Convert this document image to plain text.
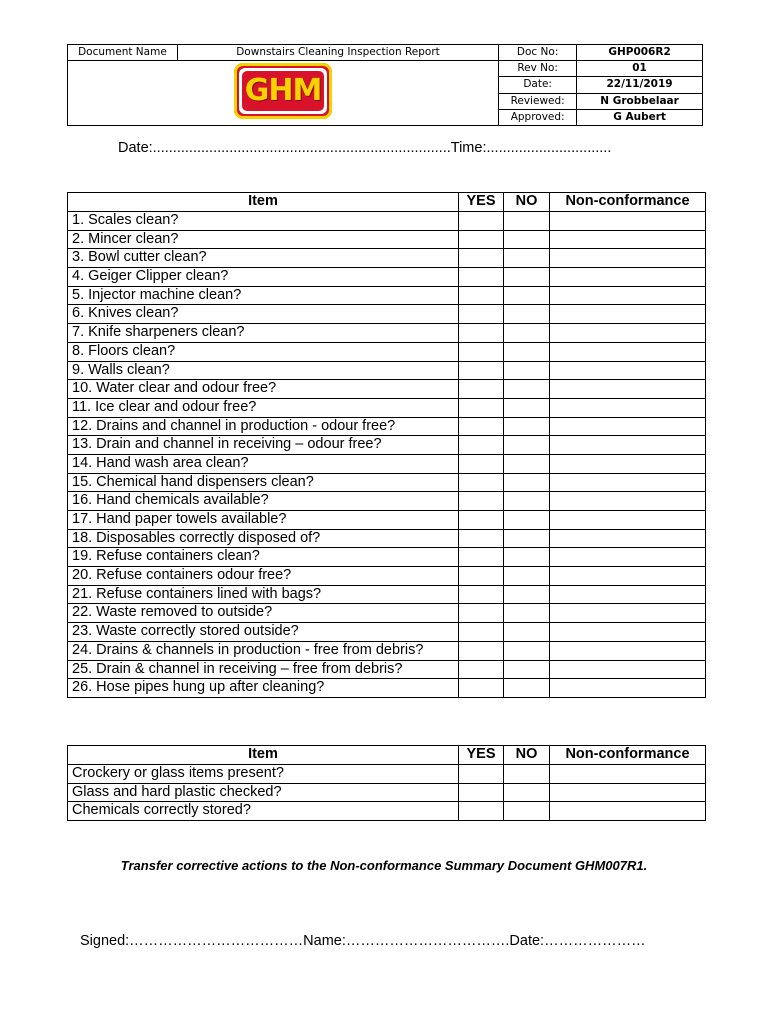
Document Name	Downstairs Cleaning Inspection Report	Doc No:	GHP006R2

GHM		Rev No:	01
		Date:	22/11/2019
		Reviewed:	N Grobbelaar
		Approved:	G Aubert
Date:..........................................................................Time:...............................
Item	YES	NO	Non-conformance
1. Scales clean?			
2. Mincer clean?			
3. Bowl cutter clean?			
4. Geiger Clipper clean?			
5. Injector machine clean?			
6. Knives clean?			
7. Knife sharpeners clean?			
8. Floors clean?			
9. Walls clean?			
10. Water clear and odour free?			
11. Ice clear and odour free?			
12. Drains and channel in production - odour free?			
13. Drain and channel in receiving – odour free?			
14. Hand wash area clean?			
15. Chemical hand dispensers clean?			
16. Hand chemicals available?			
17. Hand paper towels available?			
18. Disposables correctly disposed of?			
19. Refuse containers clean?			
20. Refuse containers odour free?			
21. Refuse containers lined with bags?			
22. Waste removed to outside?			
23. Waste correctly stored outside?			
24. Drains & channels in production - free from debris?			
25. Drain & channel in receiving – free from debris?			
26. Hose pipes hung up after cleaning?			
Item	YES	NO	Non-conformance
Crockery or glass items present?			
Glass and hard plastic checked?			
Chemicals correctly stored?			
Transfer corrective actions to the Non-conformance Summary Document GHM007R1.
Signed:………………………………Name:…………………………….Date:…………………
